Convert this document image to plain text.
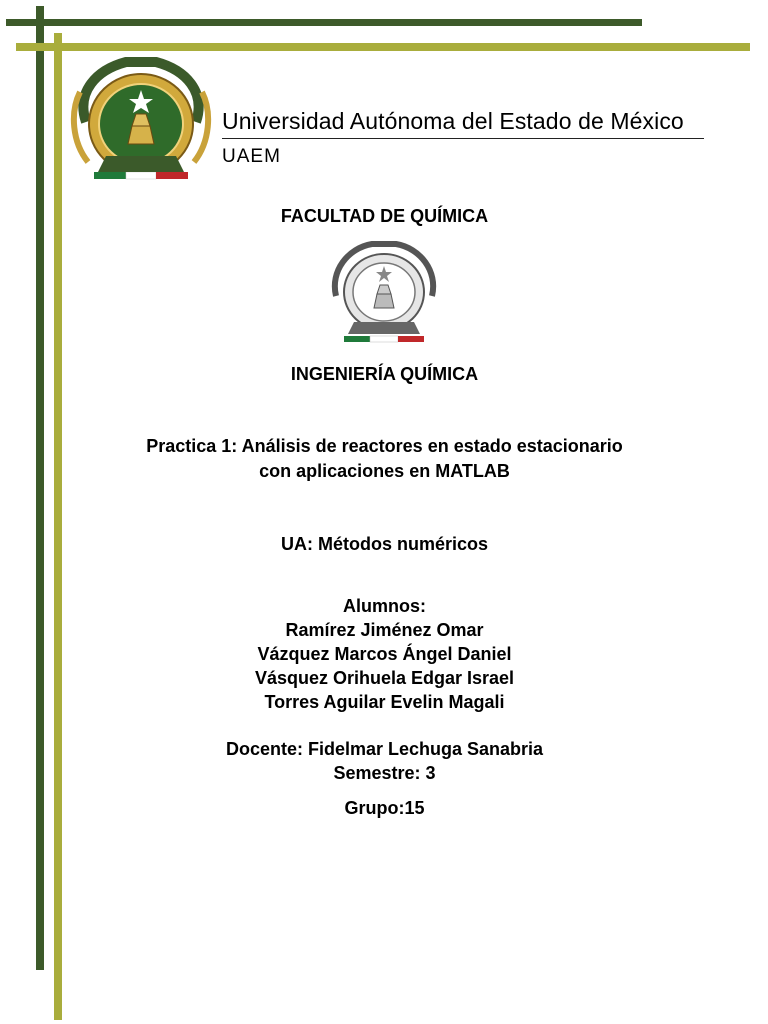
Universidad Autónoma del Estado de México
UAEM
FACULTAD DE QUÍMICA
INGENIERÍA QUÍMICA
Practica 1: Análisis de reactores en estado estacionario
con aplicaciones en MATLAB
UA: Métodos numéricos
Alumnos:
Ramírez Jiménez Omar
Vázquez Marcos Ángel Daniel
Vásquez Orihuela Edgar Israel
Torres Aguilar Evelin Magali
Docente: Fidelmar Lechuga Sanabria
Semestre: 3
Grupo:15
